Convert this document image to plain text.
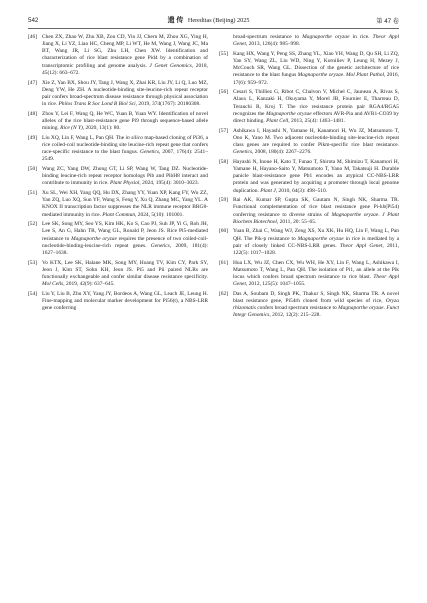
542	遗 传 Hereditas (Beijing) 2025	第 47 卷
[46] Chen ZX, Zhao W, Zhu XB, Zou CD, Yin JJ, Chern M, Zhou XG, Ying H, Jiang X, Li YZ, Liao HC, Cheng MP, Li WT, He M, Wang J, Wang JC, Ma BT, Wang JR, Li SG, Zhu LH, Chen XW. Identification and characterization of rice blast resistance gene Pid4 by a combination of transcriptomic profiling and genome analysis. J Genet Genomics, 2018, 45(12): 663–672.
[47] Xie Z, Yan BX, Shou JY, Tang J, Wang X, Zhai KR, Liu JY, Li Q, Luo MZ, Deng YW, He ZH. A nucleotide-binding site-leucine-rich repeat receptor pair confers broad-spectrum disease resistance through physical association in rice. Philos Trans R Soc Lond B Biol Sci, 2019, 374(1767): 20180308.
[48] Zhou Y, Lei F, Wang Q, He WC, Yuan B, Yuan WY. Identification of novel alleles of the rice blast-resistance gene Pi9 through sequence-based allele mining. Rice (N Y), 2020, 13(1): 80.
[49] Liu XQ, Lin F, Wang L, Pan QH. The in silico map-based cloning of Pi36, a rice coiled-coil nucleotide-binding site leucine-rich repeat gene that confers race-specific resistance to the blast fungus. Genetics, 2007, 176(4): 2541–2549.
[50] Wang ZC, Yang DW, Zhong GT, Li SP, Wang W, Tang DZ. Nucleotide-binding leucine-rich repeat receptor homologs Pib and PibH8 interact and contribute to immunity in rice. Plant Physiol, 2024, 195(4): 3010–3023.
[51] Xu SL, Wei XH, Yang QQ, Hu DX, Zhang YY, Yuan XP, Kang FY, Wu ZZ, Yan ZQ, Luo XQ, Sun YF, Wang S, Feng Y, Xu Q, Zhang MC, Yang YL. A KNOX II transcription factor suppresses the NLR immune receptor BRG8-mediated immunity in rice. Plant Commun, 2024, 5(10): 101001.
[52] Lee SK, Song MY, Seo YS, Kim HK, Ko S, Cao PJ, Suh JP, Yi G, Roh JH, Lee S, An G, Hahn TR, Wang GL, Ronald P, Jeon JS. Rice Pi5-mediated resistance to Magnaporthe oryzae requires the presence of two coiled-coil-nucleotide-binding-leucine-rich repeat genes. Genetics, 2009, 181(4): 1627–1638.
[53] Vo KTX, Lee SK, Halane MK, Song MY, Hoang TV, Kim CY, Park SY, Jeon J, Kim ST, Sohn KH, Jeon JS. Pi5 and Pii paired NLRs are functionally exchangeable and confer similar disease resistance specificity. Mol Cells, 2019, 42(9): 637–645.
[54] Liu Y, Liu B, Zhu XY, Yang JY, Bordeos A, Wang GL, Leach JE, Leung H. Fine-mapping and molecular marker development for Pi56(t), a NBS-LRR gene conferring
broad-spectrum resistance to Magnaporthe oryzae in rice. Theor Appl Genet, 2013, 126(4): 985–998.
[55] Kang HX, Wang Y, Peng SS, Zhang YL, Xiao YH, Wang D, Qu SH, Li ZQ, Yan SY, Wang ZL, Liu WD, Ning Y, Korniliev P, Leung H, Mezey J, McCouch SR, Wang GL. Dissection of the genetic architecture of rice resistance to the blast fungus Magnaporthe oryzae. Mol Plant Pathol, 2016, 17(6): 959–972.
[56] Cesari S, Thilliez G, Ribot C, Chalvon V, Michel C, Jauneau A, Rivas S, Alaux L, Kanzaki H, Okuyama Y, Morel JB, Fournier E, Tharreau D, Terauchi R, Kroj T. The rice resistance protein pair RGA4/RGA5 recognizes the Magnaporthe oryzae effectors AVR-Pia and AVR1-CO39 by direct binding. Plant Cell, 2013, 25(4): 1463–1481.
[57] Ashikawa I, Hayashi N, Yamane H, Kanamori H, Wu JZ, Matsumoto T, Ono K, Yano M. Two adjacent nucleotide-binding site-leucine-rich repeat class genes are required to confer Pikm-specific rice blast resistance. Genetics, 2008, 180(4): 2267–2276.
[58] Hayashi N, Inoue H, Kato T, Funao T, Shirota M, Shimizu T, Kanamori H, Yamane H, Hayano-Saito Y, Matsumoto T, Yano M, Takatsuji H. Durable panicle blast-resistance gene Pb1 encodes an atypical CC-NBS-LRR protein and was generated by acquiring a promoter through local genome duplication. Plant J, 2010, 64(3): 498–510.
[59] Rai AK, Kumar SP, Gupta SK, Gautam N, Singh NK, Sharma TR. Functional complementation of rice blast resistance gene Pi-kh(Pi54) conferring resistance to diverse strains of Magnaporthe oryzae. J Plant Biochem Biotechnol, 2011, 20: 55–65.
[60] Yuan B, Zhai C, Wang WJ, Zeng XS, Xu XK, Hu HQ, Lin F, Wang L, Pan QH. The Pik-p resistance to Magnaporthe oryzae in rice is mediated by a pair of closely linked CC-NBS-LRR genes. Theor Appl Genet, 2011, 122(5): 1017–1028.
[61] Hua LX, Wu JZ, Chen CX, Wu WH, He XY, Lin F, Wang L, Ashikawa I, Matsumoto T, Wang L, Pan QH. The isolation of Pi1, an allele at the Pik locus which confers broad spectrum resistance to rice blast. Theor Appl Genet, 2012, 125(5): 1047–1055.
[62] Das A, Soubam D, Singh PK, Thakur S, Singh NK, Sharma TR. A novel blast resistance gene, Pi54rh cloned from wild species of rice, Oryza rhizomatis confers broad spectrum resistance to Magnaporthe oryzae. Funct Integr Genomics, 2012, 12(2): 215–228.
